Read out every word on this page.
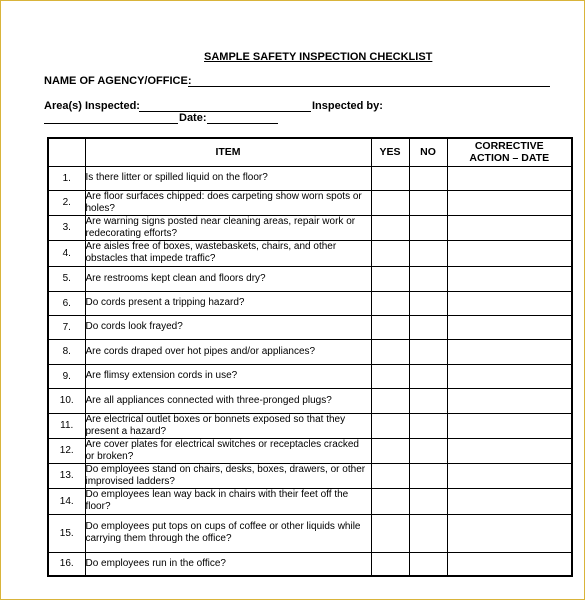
SAMPLE SAFETY INSPECTION CHECKLIST
NAME OF AGENCY/OFFICE:
Area(s) Inspected:	Inspected by:
Date:
	ITEM	YES	NO	CORRECTIVE
ACTION – DATE

1.	Is there litter or spilled liquid on the floor?			
2.	Are floor surfaces chipped: does carpeting show worn spots or holes?			
3.	Are warning signs posted near cleaning areas, repair work or redecorating efforts?			
4.	Are aisles free of boxes, wastebaskets, chairs, and other obstacles that impede traffic?			
5.	Are restrooms kept clean and floors dry?			
6.	Do cords present a tripping hazard?			
7.	Do cords look frayed?			
8.	Are cords draped over hot pipes and/or appliances?			
9.	Are flimsy extension cords in use?			
10.	Are all appliances connected with three-pronged plugs?			
11.	Are electrical outlet boxes or bonnets exposed so that they present a hazard?			
12.	Are cover plates for electrical switches or receptacles cracked or broken?			
13.	Do employees stand on chairs, desks, boxes, drawers, or other improvised ladders?			
14.	Do employees lean way back in chairs with their feet off the floor?			
15.	Do employees put tops on cups of coffee or other liquids while carrying them through the office?			
16.	Do employees run in the office?			
